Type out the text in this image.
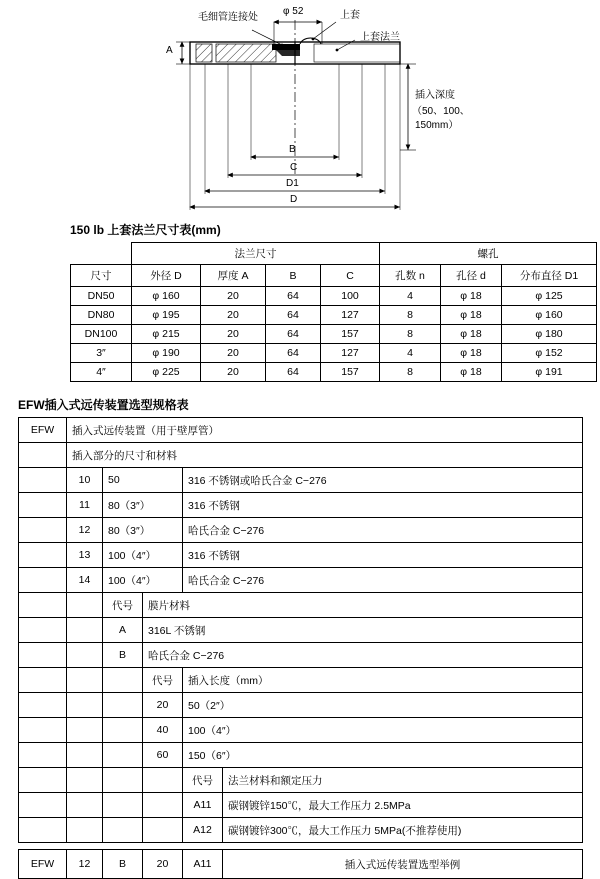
毛细管连接处
φ 52	上套
上套法兰
A
B
C
D1
D
插入深度
（50、100、
150mm）
150 lb 上套法兰尺寸表(mm)
	法兰尺寸				螺孔		
尺寸	外径 D	厚度 A	B	C	孔数 n	孔径 d	分布直径 D1
DN50	φ 160	20	64	100	4	φ 18	φ 125
DN80	φ 195	20	64	127	8	φ 18	φ 160
DN100	φ 215	20	64	157	8	φ 18	φ 180
3″	φ 190	20	64	127	4	φ 18	φ 152
4″	φ 225	20	64	157	8	φ 18	φ 191
EFW插入式远传装置选型规格表
EFW	插入式远传装置（用于壁厚管）				
	插入部分的尺寸和材料				
	10	50		316 不锈钢或哈氏合金 C−276	
	11	80（3″）		316 不锈钢	
	12	80（3″）		哈氏合金 C−276	
	13	100（4″）		316 不锈钢	
	14	100（4″）		哈氏合金 C−276	
		代号	膜片材料		
		A	316L 不锈钢		
		B	哈氏合金 C−276		
			代号	插入长度（mm）	
			20	50（2″）	
			40	100（4″）	
			60	150（6″）	
				代号	法兰材料和额定压力
				A11	碳钢镀锌150℃，最大工作压力 2.5MPa
				A12	碳钢镀锌300℃，最大工作压力 5MPa(不推荐使用)
EFW	12	B	20	A11	插入式远传装置选型举例
